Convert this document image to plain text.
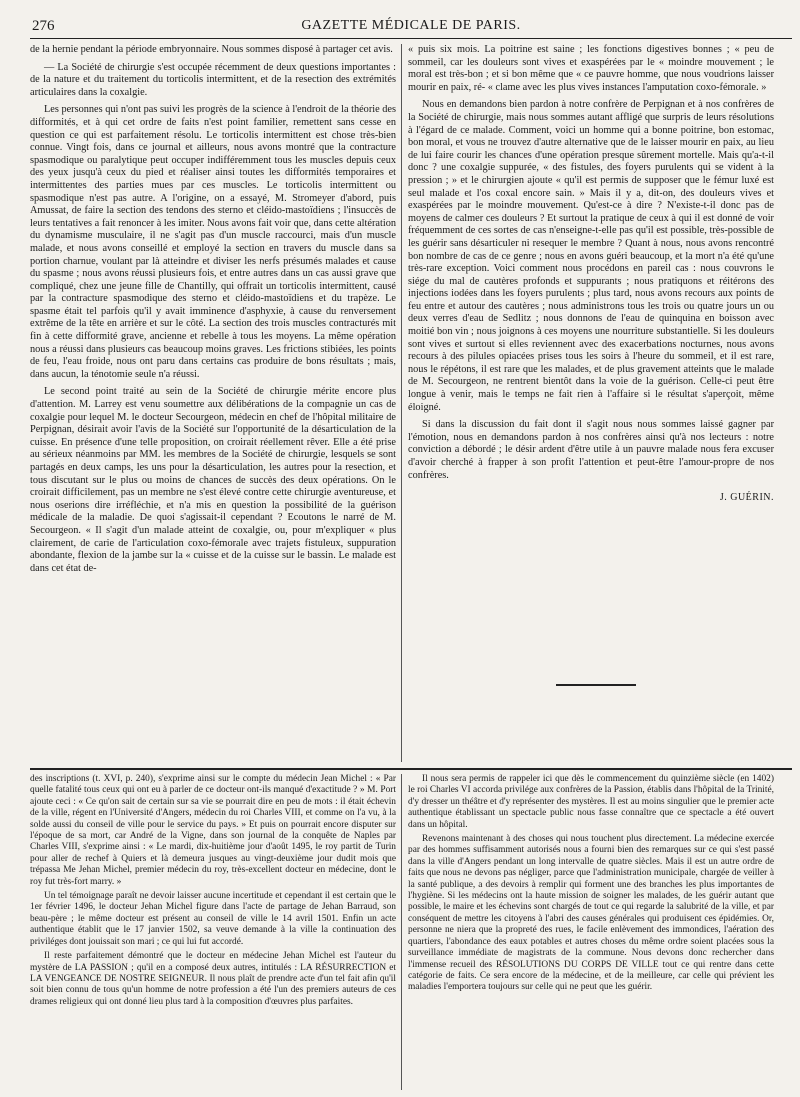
276	GAZETTE MÉDICALE DE PARIS.

de la hernie pendant la période embryonnaire. Nous sommes disposé à partager cet avis.

— La Société de chirurgie s'est occupée récemment de deux questions importantes : de la nature et du traitement du torticolis intermittent, et de la resection des extrémités articulaires dans la coxalgie.

Les personnes qui n'ont pas suivi les progrès de la science à l'endroit de la théorie des difformités, et à qui cet ordre de faits n'est point familier, remettent sans cesse en question ce qui est parfaitement résolu. Le torticolis intermittent est chose très-bien connue. Vingt fois, dans ce journal et ailleurs, nous avons montré que la contracture spasmodique ou paralytique peut occuper indifféremment tous les muscles depuis ceux des yeux jusqu'à ceux du pied et réaliser ainsi toutes les difformités temporaires et intermittentes des parties mues par ces muscles. Le torticolis intermittent ou spasmodique n'est pas autre. A l'origine, on a essayé, M. Stromeyer d'abord, puis Amussat, de faire la section des tendons des sterno et cléido-mastoïdiens ; l'insuccès de leurs tentatives a fait renoncer à les imiter. Nous avons fait voir que, dans cette altération du dynamisme musculaire, il ne s'agit pas d'un muscle raccourci, mais d'un muscle malade, et nous avons conseillé et employé la section en travers du muscle dans sa portion charnue, voulant par là atteindre et diviser les nerfs présumés malades et cause du spasme ; nous avons réussi plusieurs fois, et entre autres dans un cas aussi grave que compliqué, chez une jeune fille de Chantilly, qui offrait un torticolis intermittent, causé par la contracture spasmodique des sterno et cléido-mastoïdiens et du trapèze. Le spasme était tel parfois qu'il y avait imminence d'asphyxie, à cause du renversement extrême de la tête en arrière et sur le côté. La section des trois muscles contracturés mit fin à cette difformité grave, ancienne et rebelle à tous les moyens. La même opération nous a réussi dans plusieurs cas beaucoup moins graves. Les frictions stibiées, les points de feu, l'eau froide, nous ont paru dans certains cas produire de bons résultats ; mais, dans aucun, la ténotomie seule n'a réussi.

Le second point traité au sein de la Société de chirurgie mérite encore plus d'attention. M. Larrey est venu soumettre aux délibérations de la compagnie un cas de coxalgie pour lequel M. le docteur Secourgeon, médecin en chef de l'hôpital militaire de Perpignan, désirait avoir l'avis de la Société sur l'opportunité de la désarticulation de la cuisse. En présence d'une telle proposition, on croirait réellement rêver. Elle a été prise au sérieux néanmoins par MM. les membres de la Société de chirurgie, lesquels se sont partagés en deux camps, les uns pour la désarticulation, les autres pour la resection, et tous discutant sur le plus ou moins de chances de succès des deux opérations. On le croirait difficilement, pas un membre ne s'est élevé contre cette chirurgie aventureuse, et nous oserions dire irréfléchie, et n'a mis en question la possibilité de la guérison médicale de la maladie. De quoi s'agissait-il cependant ? Ecoutons le narré de M. Secourgeon. « Il s'agit d'un malade atteint de coxalgie, ou, pour m'expliquer « plus clairement, de carie de l'articulation coxo-fémorale avec trajets fistuleux, suppuration abondante, flexion de la jambe sur la « cuisse et de la cuisse sur le bassin. Le malade est dans cet état de-

« puis six mois. La poitrine est saine ; les fonctions digestives bonnes ; « peu de sommeil, car les douleurs sont vives et exaspérées par le « moindre mouvement ; le moral est très-bon ; et si bon même que « ce pauvre homme, que nous voudrions laisser mourir en paix, ré- « clame avec les plus vives instances l'amputation coxo-fémorale. »

Nous en demandons bien pardon à notre confrère de Perpignan et à nos confrères de la Société de chirurgie, mais nous sommes autant affligé que surpris de leurs résolutions à l'égard de ce malade. Comment, voici un homme qui a bonne poitrine, bon estomac, bon moral, et vous ne trouvez d'autre alternative que de le laisser mourir en paix, au lieu de lui faire courir les chances d'une opération presque sûrement mortelle. Mais qu'a-t-il donc ? une coxalgie suppurée, « des fistules, des foyers purulents qui se vident à la pression ; » et le chirurgien ajoute « qu'il est permis de supposer que le fémur luxé est seul malade et l'os coxal encore sain. » Mais il y a, dit-on, des douleurs vives et exaspérées par le moindre mouvement. Qu'est-ce à dire ? N'existe-t-il donc pas de moyens de calmer ces douleurs ? Et surtout la pratique de ceux à qui il est donné de voir fréquemment de ces sortes de cas n'enseigne-t-elle pas qu'il est possible, très-possible de les guérir sans désarticuler ni resequer le membre ? Quant à nous, nous avons rencontré bon nombre de cas de ce genre ; nous en avons guéri beaucoup, et la mort n'a été qu'une très-rare exception. Voici comment nous procédons en pareil cas : nous couvrons le siége du mal de cautères profonds et suppurants ; nous pratiquons et réitérons des injections iodées dans les foyers purulents ; plus tard, nous avons recours aux points de feu entre et autour des cautères ; nous administrons tous les trois ou quatre jours un ou deux verres d'eau de Sedlitz ; nous donnons de l'eau de quinquina en boisson avec moitié bon vin ; nous joignons à ces moyens une nourriture substantielle. Si les douleurs sont vives et surtout si elles reviennent avec des exacerbations nocturnes, nous avons recours à des pilules opiacées prises tous les soirs à l'heure du sommeil, et il est rare, nous le répétons, il est rare que les malades, et de plus gravement atteints que le malade de M. Secourgeon, ne rentrent bientôt dans la voie de la guérison. Celle-ci peut être longue à venir, mais le temps ne fait rien à l'affaire si le résultat s'aperçoit, même éloigné.

Si dans la discussion du fait dont il s'agit nous nous sommes laissé gagner par l'émotion, nous en demandons pardon à nos confrères ainsi qu'à nos lecteurs : notre conviction a débordé ; le désir ardent d'être utile à un pauvre malade nous fera excuser d'avoir cherché à frapper à son profit l'attention et peut-être l'amour-propre de nos confrères.

J. GUÉRIN.

des inscriptions (t. XVI, p. 240), s'exprime ainsi sur le compte du médecin Jean Michel : « Par quelle fatalité tous ceux qui ont eu à parler de ce docteur ont-ils manqué d'exactitude ? » M. Port ajoute ceci : « Ce qu'on sait de certain sur sa vie se pourrait dire en peu de mots : il était échevin de la ville, régent en l'Université d'Angers, médecin du roi Charles VIII, et comme on l'a vu, à la solde aussi du conseil de ville pour le service du pays. » Et puis on pourrait encore disputer sur l'époque de sa mort, car André de la Vigne, dans son journal de la conquête de Naples par Charles VIII, s'exprime ainsi : « Le mardi, dix-huitième jour d'août 1495, le roy partit de Turin pour aller de rechef à Quiers et là demeura jusques au vingt-deuxième jour dudit mois que trépassa Me Jehan Michel, premier médecin du roy, très-excellent docteur en médecine, dont le roy fut très-fort marry. »

Un tel témoignage paraît ne devoir laisser aucune incertitude et cependant il est certain que le 1er février 1496, le docteur Jehan Michel figure dans l'acte de partage de Jehan Barraud, son beau-père ; le même docteur est présent au conseil de ville le 14 avril 1501. Enfin un acte authentique établit que le 17 janvier 1502, sa veuve demande à la ville la continuation des priviléges dont jouissait son mari ; ce qui lui fut accordé.

Il reste parfaitement démontré que le docteur en médecine Jehan Michel est l'auteur du mystère de LA PASSION ; qu'il en a composé deux autres, intitulés : LA RÉSURRECTION et LA VENGEANCE DE NOSTRE SEIGNEUR. Il nous plaît de prendre acte d'un tel fait afin qu'il soit bien connu de tous qu'un homme de notre profession a été l'un des premiers auteurs de ces drames religieux qui ont donné lieu plus tard à la composition d'œuvres plus parfaites.

Il nous sera permis de rappeler ici que dès le commencement du quinzième siècle (en 1402) le roi Charles VI accorda privilége aux confrères de la Passion, établis dans l'hôpital de la Trinité, d'y dresser un théâtre et d'y représenter des mystères. Il est au moins singulier que le premier acte authentique établissant un spectacle public nous fasse connaître que ce spectacle a été ouvert dans un hôpital.

Revenons maintenant à des choses qui nous touchent plus directement. La médecine exercée par des hommes suffisamment autorisés nous a fourni bien des remarques sur ce qui s'est passé dans la ville d'Angers pendant un long intervalle de quatre siècles. Mais il est un autre ordre de faits que nous ne devons pas négliger, parce que l'administration municipale, chargée de veiller à la santé publique, a des devoirs à remplir qui forment une des branches les plus importantes de l'hygiène. Si les médecins ont la haute mission de soigner les malades, de les guérir autant que possible, le maire et les échevins sont chargés de tout ce qui regarde la salubrité de la ville, et par conséquent de mettre les citoyens à l'abri des causes générales qui produisent ces épidémies. Or, personne ne niera que la propreté des rues, le facile enlèvement des immondices, l'aération des quartiers, l'abondance des eaux potables et autres choses du même ordre soient placées sous la surveillance immédiate de magistrats de la commune. Nous devons donc rechercher dans l'immense recueil des RÉSOLUTIONS DU CORPS DE VILLE tout ce qui rentre dans cette catégorie de faits. Ce sera encore de la médecine, et de la meilleure, car celle qui prévient les maladies l'emportera toujours sur celle qui ne peut que les guérir.
